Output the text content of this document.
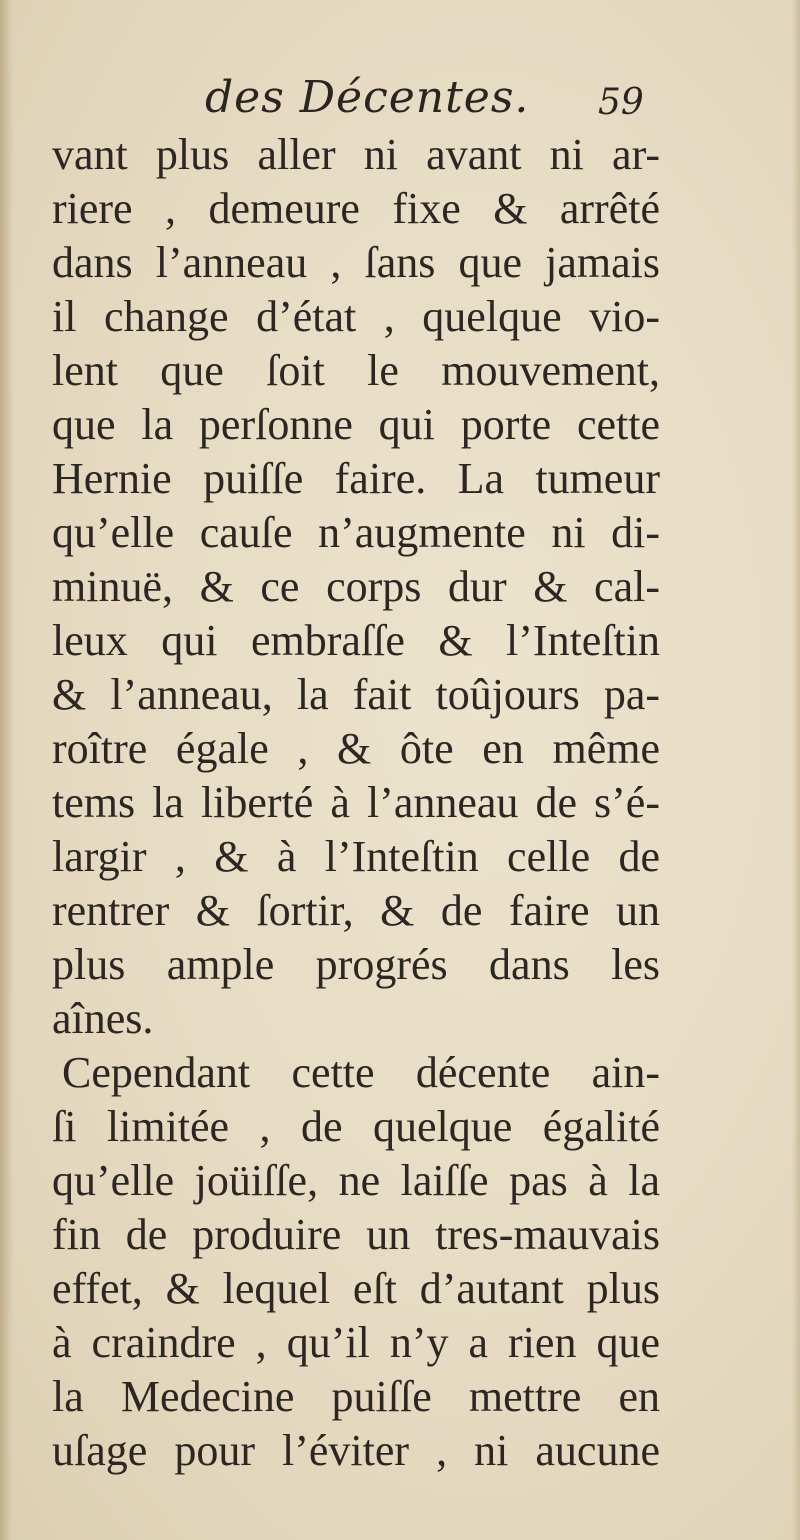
des Décentes. 59
vant plus aller ni avant ni ar-
riere , demeure fixe & arrêté
dans l’anneau , ſans que jamais
il change d’état , quelque vio-
lent que ſoit le mouvement,
que la perſonne qui porte cette
Hernie puiſſe faire. La tumeur
qu’elle cauſe n’augmente ni di-
minuë, & ce corps dur & cal-
leux qui embraſſe & l’Inteſtin
& l’anneau, la fait toûjours pa-
roître égale , & ôte en même
tems la liberté à l’anneau de s’é-
largir , & à l’Inteſtin celle de
rentrer & ſortir, & de faire un
plus ample progrés dans les
aînes.
Cependant cette décente ain-
ſi limitée , de quelque égalité
qu’elle joüiſſe, ne laiſſe pas à la
fin de produire un tres-mauvais
effet, & lequel eſt d’autant plus
à craindre , qu’il n’y a rien que
la Medecine puiſſe mettre en
uſage pour l’éviter , ni aucune
